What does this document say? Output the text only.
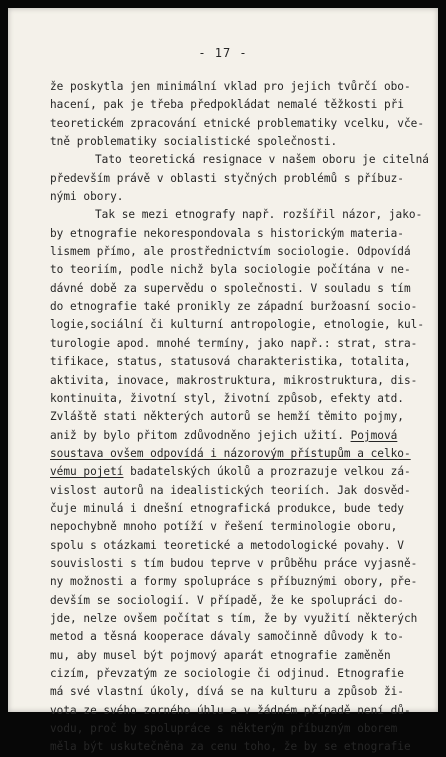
- 17 -
že poskytla jen minimální vklad pro jejich tvůrčí obo-
hacení, pak je třeba předpokládat nemalé těžkosti při
teoretickém zpracování etnické problematiky vcelku, vče-
tně problematiky socialistické společnosti.
Tato teoretická resignace v našem oboru je citelná
především právě v oblasti styčných problémů s příbuz-
nými obory.
Tak se mezi etnografy např. rozšířil názor, jako-
by etnografie nekorespondovala s historickým materia-
lismem přímo, ale prostřednictvím sociologie. Odpovídá
to teoriím, podle nichž byla sociologie počítána v ne-
dávné době za supervědu o společnosti. V souladu s tím
do etnografie také pronikly ze západní buržoasní socio-
logie,sociální či kulturní antropologie, etnologie, kul-
turologie apod. mnohé termíny, jako např.: strat, stra-
tifikace, status, statusová charakteristika, totalita,
aktivita, inovace, makrostruktura, mikrostruktura, dis-
kontinuita, životní styl, životní způsob, efekty atd.
Zvláště stati některých autorů se hemží těmito pojmy,
aniž by bylo přitom zdůvodněno jejich užití. Pojmová
soustava ovšem odpovídá i názorovým přístupům a celko-
vému pojetí badatelských úkolů a prozrazuje velkou zá-
vislost autorů na idealistických teoriích. Jak dosvěd-
čuje minulá i dnešní etnografická produkce, bude tedy
nepochybně mnoho potíží v řešení terminologie oboru,
spolu s otázkami teoretické a metodologické povahy. V
souvislosti s tím budou teprve v průběhu práce vyjasně-
ny možnosti a formy spolupráce s příbuznými obory, pře-
devším se sociologií. V případě, že ke spolupráci do-
jde, nelze ovšem počítat s tím, že by využití některých
metod a těsná kooperace dávaly samočinně důvody k to-
mu, aby musel být pojmový aparát etnografie zaměněn
cizím, převzatým ze sociologie či odjinud. Etnografie
má své vlastní úkoly, dívá se na kulturu a způsob ži-
vota ze svého zorného úhlu a v žádném případě není dů-
vodu, proč by spolupráce s některým příbuzným oborem
měla být uskutečněna za cenu toho, že by se etnografie
